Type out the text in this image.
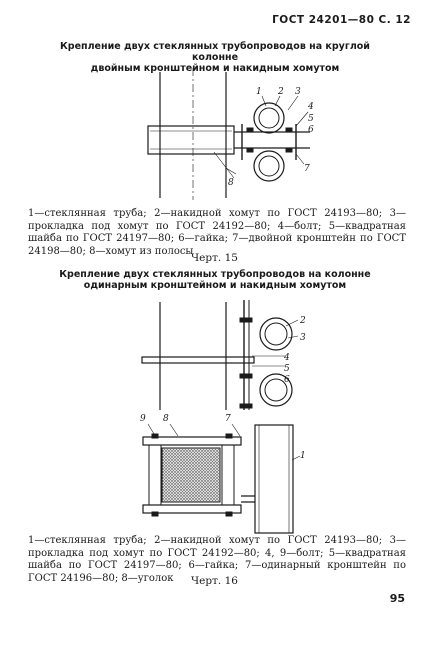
ГОСТ 24201—80 С. 12
Крепление двух стеклянных трубопроводов на круглой колонне
двойным кронштейном и накидным хомутом
1 2 3
4
5
6
7
8
2
3
4
5
6
9 8	7
1
1—стеклянная труба; 2—накидной хомут по ГОСТ 24193—80; 3—прокладка под хомут по ГОСТ 24192—80; 4—болт; 5—квадратная шайба по ГОСТ 24197—80; 6—гайка; 7—двойной кронштейн по ГОСТ 24198—80; 8—хомут из полосы
Черт. 15
Крепление двух стеклянных трубопроводов на колонне
одинарным кронштейном и накидным хомутом
1—стеклянная труба; 2—накидной хомут по ГОСТ 24193—80; 3—прокладка под хомут по ГОСТ 24192—80; 4, 9—болт; 5—квадратная шайба по ГОСТ 24197—80; 6—гайка; 7—одинарный кронштейн по ГОСТ 24196—80; 8—уголок	Черт. 16
95
